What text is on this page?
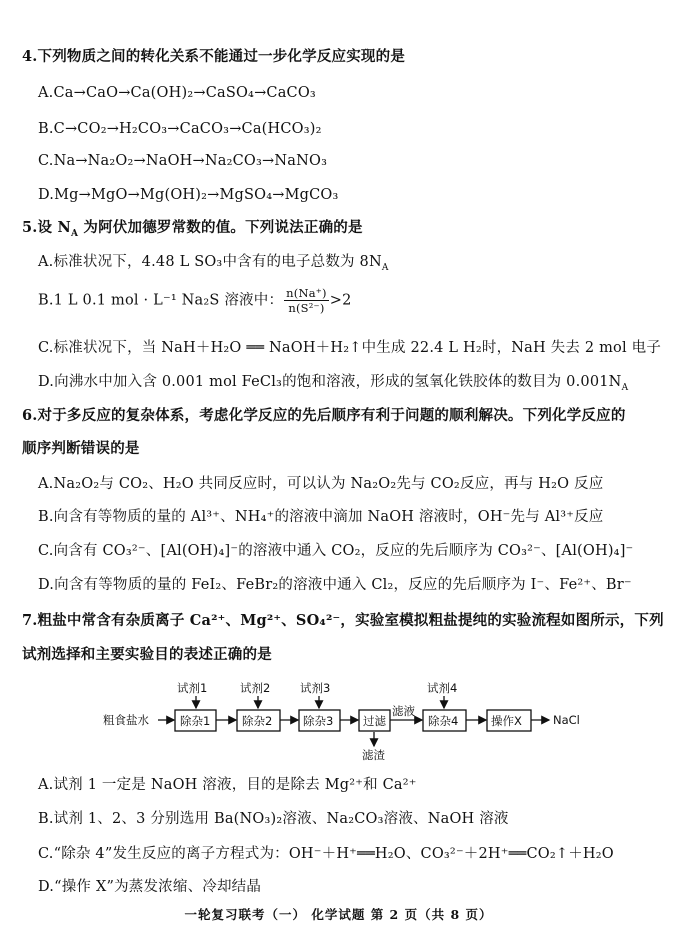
4.下列物质之间的转化关系不能通过一步化学反应实现的是
A.Ca→CaO→Ca(OH)₂→CaSO₄→CaCO₃
B.C→CO₂→H₂CO₃→CaCO₃→Ca(HCO₃)₂
C.Na→Na₂O₂→NaOH→Na₂CO₃→NaNO₃
D.Mg→MgO→Mg(OH)₂→MgSO₄→MgCO₃
5.设 $N_A$ 为阿伏加德罗常数的值。下列说法正确的是
A.标准状况下，4.48 L SO₃中含有的电子总数为 $8N_A$
B.1 L 0.1 mol · L⁻¹ Na₂S 溶液中： $\frac{n(Na^+)}{\text{n(S²⁻)}} >2$
C.标准状况下，当 NaH＋H₂O ══ NaOH＋H₂↑中生成 22.4 L H₂时，NaH 失去 2 mol 电子
D.向沸水中加入含 0.001 mol FeCl₃的饱和溶液，形成的氢氧化铁胶体的数目为 $0.001N_A$
6.对于多反应的复杂体系，考虑化学反应的先后顺序有利于问题的顺利解决。下列化学反应的
顺序判断错误的是
A.Na₂O₂与 CO₂、H₂O 共同反应时，可以认为 Na₂O₂先与 CO₂反应，再与 H₂O 反应
B.向含有等物质的量的 Al³⁺、NH₄⁺的溶液中滴加 NaOH 溶液时，OH⁻先与 Al³⁺反应
C.向含有 CO₃²⁻、[Al(OH)₄]⁻的溶液中通入 CO₂，反应的先后顺序为 CO₃²⁻、[Al(OH)₄]⁻
D.向含有等物质的量的 FeI₂、FeBr₂的溶液中通入 Cl₂，反应的先后顺序为 I⁻、Fe²⁺、Br⁻
7.粗盐中常含有杂质离子 Ca²⁺、Mg²⁺、SO₄²⁻，实验室模拟粗盐提纯的实验流程如图所示，下列
试剂选择和主要实验目的表述正确的是
粗食盐水	除杂1	除杂2	除杂3	过滤	除杂4	操作X	NaCl
试剂1	试剂2	试剂3	试剂4
滤液
滤渣
A.试剂 1 一定是 NaOH 溶液，目的是除去 Mg²⁺和 Ca²⁺
B.试剂 1、2、3 分别选用 Ba(NO₃)₂溶液、Na₂CO₃溶液、NaOH 溶液
C.“除杂 4”发生反应的离子方程式为：OH⁻＋H⁺══H₂O、CO₃²⁻＋2H⁺══CO₂↑＋H₂O
D.“操作 X”为蒸发浓缩、冷却结晶
一轮复习联考（一） 化学试题 第 2 页（共 8 页）
